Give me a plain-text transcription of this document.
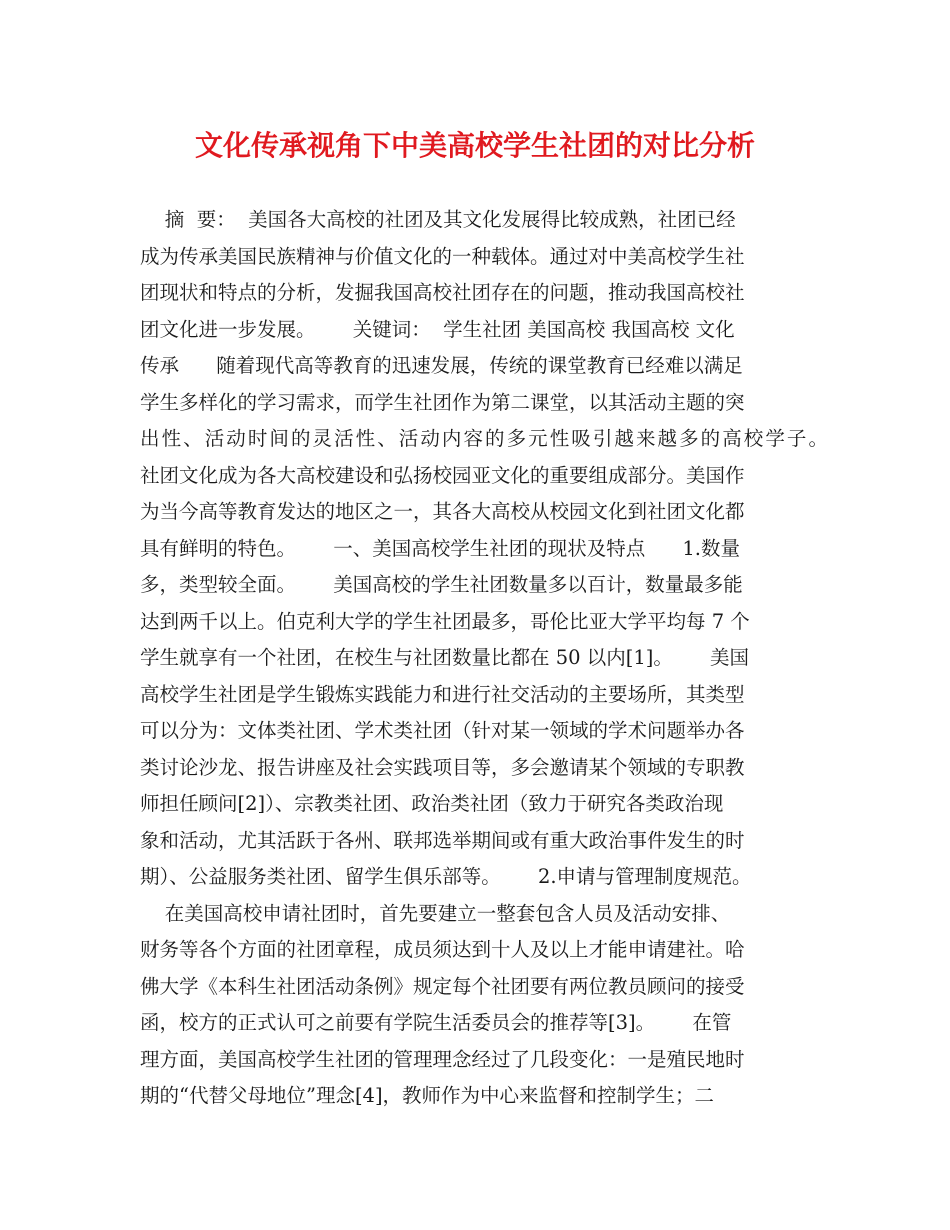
文化传承视角下中美高校学生社团的对比分析
摘  要：  美国各大高校的社团及其文化发展得比较成熟，社团已经
成为传承美国民族精神与价值文化的一种载体。通过对中美高校学生社
团现状和特点的分析，发掘我国高校社团存在的问题，推动我国高校社
团文化进一步发展。      关键词：  学生社团 美国高校 我国高校 文化
传承      随着现代高等教育的迅速发展，传统的课堂教育已经难以满足
学生多样化的学习需求，而学生社团作为第二课堂，以其活动主题的突
出性、活动时间的灵活性、活动内容的多元性吸引越来越多的高校学子。
社团文化成为各大高校建设和弘扬校园亚文化的重要组成部分。美国作
为当今高等教育发达的地区之一，其各大高校从校园文化到社团文化都
具有鲜明的特色。      一、美国高校学生社团的现状及特点      1.数量
多，类型较全面。      美国高校的学生社团数量多以百计，数量最多能
达到两千以上。伯克利大学的学生社团最多，哥伦比亚大学平均每 7 个
学生就享有一个社团，在校生与社团数量比都在 50 以内[1]。      美国
高校学生社团是学生锻炼实践能力和进行社交活动的主要场所，其类型
可以分为：文体类社团、学术类社团（针对某一领域的学术问题举办各
类讨论沙龙、报告讲座及社会实践项目等，多会邀请某个领域的专职教
师担任顾问[2]）、宗教类社团、政治类社团（致力于研究各类政治现
象和活动，尤其活跃于各州、联邦选举期间或有重大政治事件发生的时
期）、公益服务类社团、留学生俱乐部等。      2.申请与管理制度规范。
在美国高校申请社团时，首先要建立一整套包含人员及活动安排、
财务等各个方面的社团章程，成员须达到十人及以上才能申请建社。哈
佛大学《本科生社团活动条例》规定每个社团要有两位教员顾问的接受
函，校方的正式认可之前要有学院生活委员会的推荐等[3]。      在管
理方面，美国高校学生社团的管理理念经过了几段变化：一是殖民地时
期的“代替父母地位”理念[4]，教师作为中心来监督和控制学生；二
